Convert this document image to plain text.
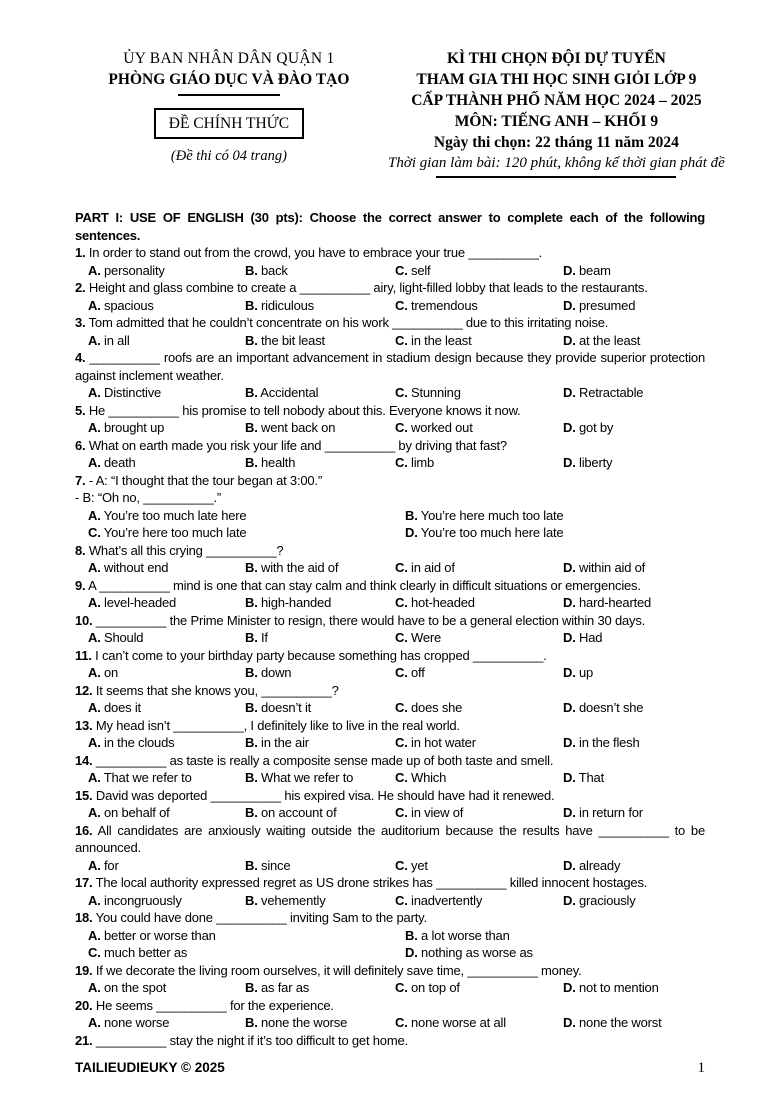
ỦY BAN NHÂN DÂN QUẬN 1
PHÒNG GIÁO DỤC VÀ ĐÀO TẠO
ĐỀ CHÍNH THỨC
(Đề thi có 04 trang)
KÌ THI CHỌN ĐỘI DỰ TUYỂN
THAM GIA THI HỌC SINH GIỎI LỚP 9
CẤP THÀNH PHỐ NĂM HỌC 2024 – 2025
MÔN: TIẾNG ANH – KHỐI 9
Ngày thi chọn: 22 tháng 11 năm 2024
Thời gian làm bài: 120 phút, không kể thời gian phát đề

PART I: USE OF ENGLISH (30 pts): Choose the correct answer to complete each of the following sentences.

1. In order to stand out from the crowd, you have to embrace your true __________.

A. personality	B. back	C. self	D. beam

2. Height and glass combine to create a __________ airy, light-filled lobby that leads to the restaurants.

A. spacious	B. ridiculous	C. tremendous	D. presumed

3. Tom admitted that he couldn’t concentrate on his work __________ due to this irritating noise.

A. in all	B. the bit least	C. in the least	D. at the least

4. __________ roofs are an important advancement in stadium design because they provide superior protection against inclement weather.

A. Distinctive	B. Accidental	C. Stunning	D. Retractable

5. He __________ his promise to tell nobody about this. Everyone knows it now.

A. brought up	B. went back on	C. worked out	D. got by

6. What on earth made you risk your life and __________ by driving that fast?

A. death	B. health	C. limb	D. liberty

7. - A: “I thought that the tour began at 3:00.”

- B: “Oh no, __________.”

A. You’re too much late here	B. You’re here much too late
C. You’re here too much late	D. You’re too much here late

8. What’s all this crying __________?

A. without end	B. with the aid of	C. in aid of	D. within aid of

9. A __________ mind is one that can stay calm and think clearly in difficult situations or emergencies.

A. level-headed	B. high-handed	C. hot-headed	D. hard-hearted

10. __________ the Prime Minister to resign, there would have to be a general election within 30 days.

A. Should	B. If	C. Were	D. Had

11. I can’t come to your birthday party because something has cropped __________.

A. on	B. down	C. off	D. up

12. It seems that she knows you, __________?

A. does it	B. doesn’t it	C. does she	D. doesn’t she

13. My head isn’t __________, I definitely like to live in the real world.

A. in the clouds	B. in the air	C. in hot water	D. in the flesh

14. __________ as taste is really a composite sense made up of both taste and smell.

A. That we refer to	B. What we refer to	C. Which	D. That

15. David was deported __________ his expired visa. He should have had it renewed.

A. on behalf of	B. on account of	C. in view of	D. in return for

16. All candidates are anxiously waiting outside the auditorium because the results have __________ to be announced.

A. for	B. since	C. yet	D. already

17. The local authority expressed regret as US drone strikes has __________ killed innocent hostages.

A. incongruously	B. vehemently	C. inadvertently	D. graciously

18. You could have done __________ inviting Sam to the party.

A. better or worse than	B. a lot worse than
C. much better as	D. nothing as worse as

19. If we decorate the living room ourselves, it will definitely save time, __________ money.

A. on the spot	B. as far as	C. on top of	D. not to mention

20. He seems __________ for the experience.

A. none worse	B. none the worse	C. none worse at all	D. none the worst

21. __________ stay the night if it’s too difficult to get home.

TAILIEUDIEUKY © 2025	1
